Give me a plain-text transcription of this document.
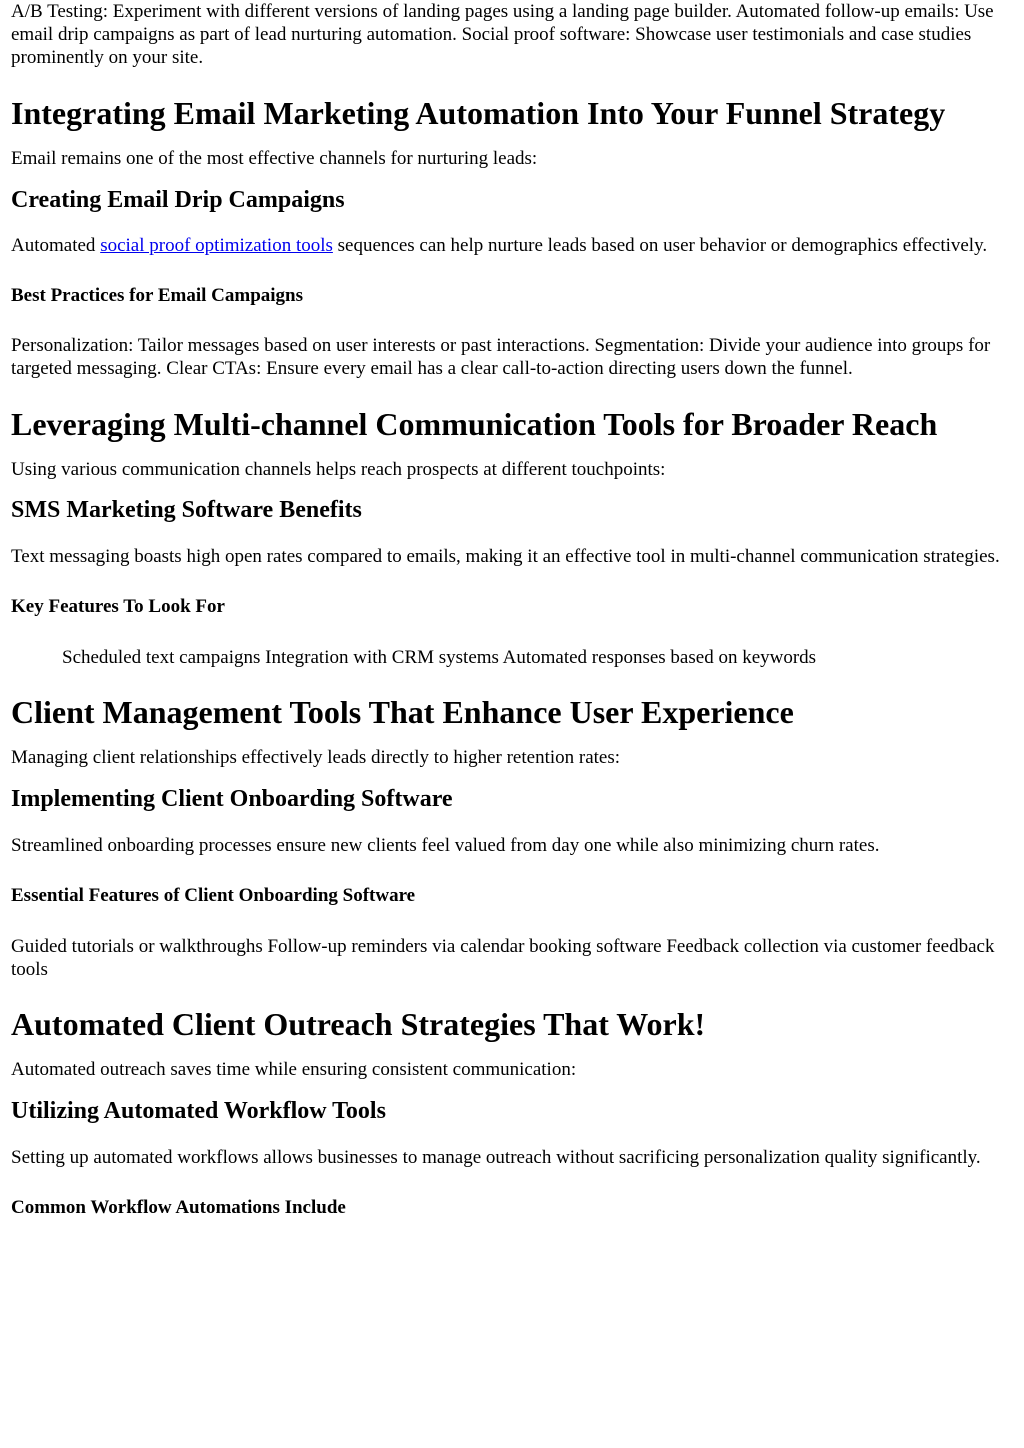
A/B Testing: Experiment with different versions of landing pages using a landing page builder. Automated follow-up emails: Use email drip campaigns as part of lead nurturing automation. Social proof software: Showcase user testimonials and case studies prominently on your site.

Integrating Email Marketing Automation Into Your Funnel Strategy

Email remains one of the most effective channels for nurturing leads:

Creating Email Drip Campaigns

Automated social proof optimization tools sequences can help nurture leads based on user behavior or demographics effectively.

Best Practices for Email Campaigns

Personalization: Tailor messages based on user interests or past interactions. Segmentation: Divide your audience into groups for targeted messaging. Clear CTAs: Ensure every email has a clear call-to-action directing users down the funnel.

Leveraging Multi-channel Communication Tools for Broader Reach

Using various communication channels helps reach prospects at different touchpoints:

SMS Marketing Software Benefits

Text messaging boasts high open rates compared to emails, making it an effective tool in multi-channel communication strategies.

Key Features To Look For

Scheduled text campaigns Integration with CRM systems Automated responses based on keywords

Client Management Tools That Enhance User Experience

Managing client relationships effectively leads directly to higher retention rates:

Implementing Client Onboarding Software

Streamlined onboarding processes ensure new clients feel valued from day one while also minimizing churn rates.

Essential Features of Client Onboarding Software

Guided tutorials or walkthroughs Follow-up reminders via calendar booking software Feedback collection via customer feedback tools

Automated Client Outreach Strategies That Work!

Automated outreach saves time while ensuring consistent communication:

Utilizing Automated Workflow Tools

Setting up automated workflows allows businesses to manage outreach without sacrificing personalization quality significantly.

Common Workflow Automations Include
